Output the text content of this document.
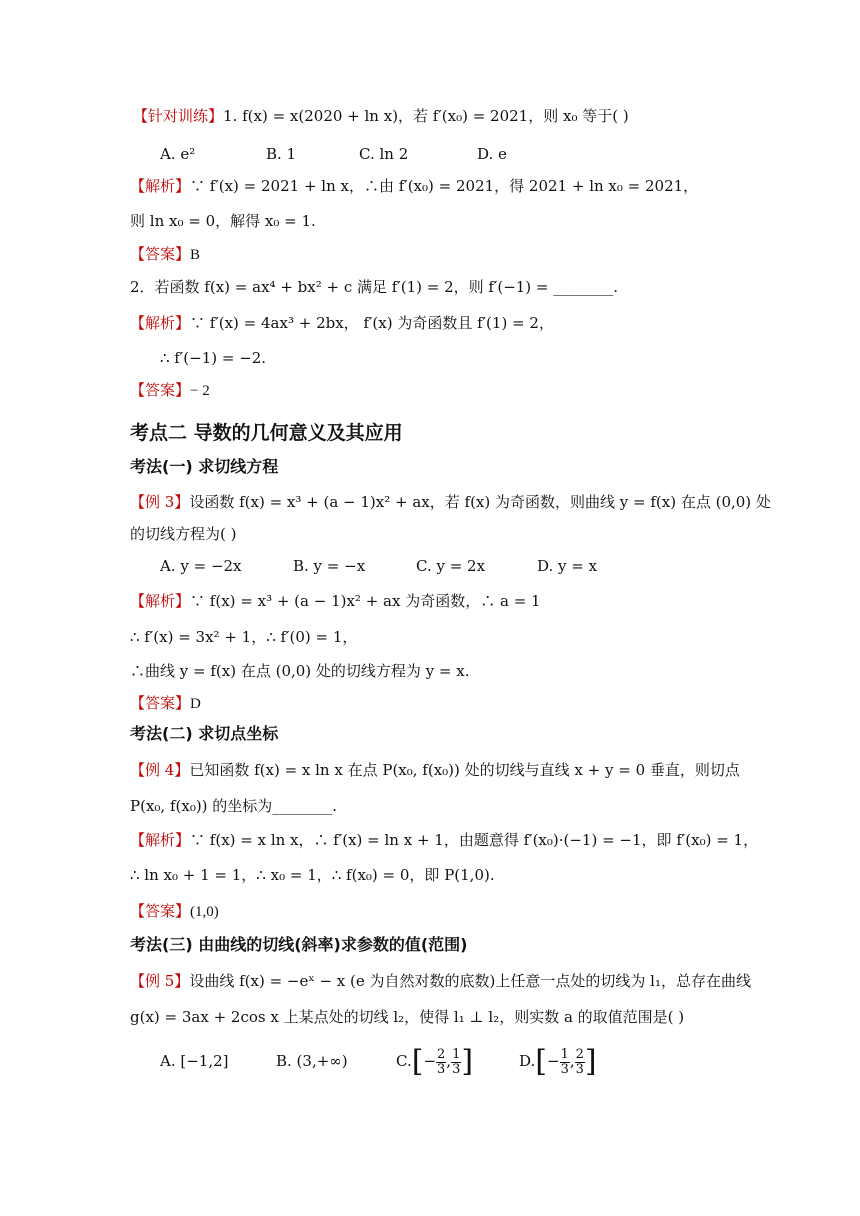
【针对训练】1. f(x) = x(2020 + ln x)，若 f′(x₀) = 2021，则 x₀ 等于( )
A. e²	B. 1	C. ln 2	D. e
【解析】∵ f′(x) = 2021 + ln x，∴由 f′(x₀) = 2021，得 2021 + ln x₀ = 2021，
则 ln x₀ = 0，解得 x₀ = 1.
【答案】B
2．若函数 f(x) = ax⁴ + bx² + c 满足 f′(1) = 2，则 f′(−1) = ________.
【解析】∵ f′(x) = 4ax³ + 2bx， f′(x) 为奇函数且 f′(1) = 2，
∴ f′(−1) = −2.
【答案】− 2
考点二 导数的几何意义及其应用
考法(一) 求切线方程
【例 3】设函数 f(x) = x³ + (a − 1)x² + ax，若 f(x) 为奇函数，则曲线 y = f(x) 在点 (0,0) 处
的切线方程为( )
A. y = −2x	B. y = −x	C. y = 2x	D. y = x
【解析】∵ f(x) = x³ + (a − 1)x² + ax 为奇函数，∴ a = 1
∴ f′(x) = 3x² + 1，∴ f′(0) = 1，
∴曲线 y = f(x) 在点 (0,0) 处的切线方程为 y = x.
【答案】D
考法(二) 求切点坐标
【例 4】已知函数 f(x) = x ln x 在点 P(x₀, f(x₀)) 处的切线与直线 x + y = 0 垂直，则切点
P(x₀, f(x₀)) 的坐标为________.
【解析】∵ f(x) = x ln x，∴ f′(x) = ln x + 1，由题意得 f′(x₀)·(−1) = −1，即 f′(x₀) = 1，
∴ ln x₀ + 1 = 1，∴ x₀ = 1，∴ f(x₀) = 0，即 P(1,0).
【答案】(1,0)
考法(三) 由曲线的切线(斜率)求参数的值(范围)
【例 5】设曲线 f(x) = −eˣ − x (e 为自然对数的底数)上任意一点处的切线为 l₁，总存在曲线
g(x) = 3ax + 2cos x 上某点处的切线 l₂，使得 l₁ ⊥ l₂，则实数 a 的取值范围是( )
A. [−1,2]	B. (3,+∞)	$C.[- \frac{2}{3}$ , $\frac{1}{3}$ ]	$D.[- \frac{1}{3}$ , $\frac{2}{3}$ ]
